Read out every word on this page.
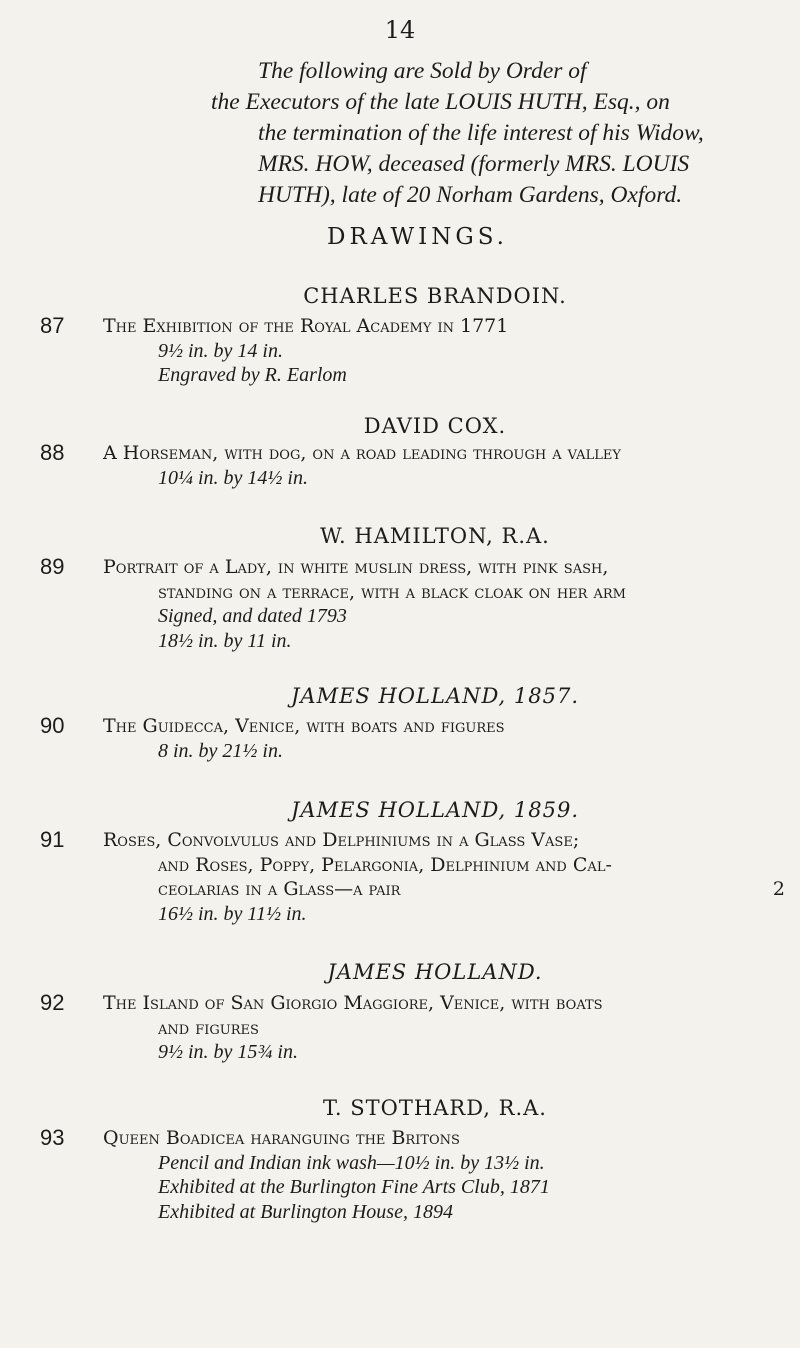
14
The following are Sold by Order of
the Executors of the late LOUIS HUTH, Esq., on
the termination of the life interest of his Widow,
MRS. HOW, deceased (formerly MRS. LOUIS
HUTH), late of 20 Norham Gardens, Oxford.
DRAWINGS.
CHARLES BRANDOIN.
87 The Exhibition of the Royal Academy in 1771
9½ in. by 14 in.
Engraved by R. Earlom
DAVID COX.
88 A Horseman, with dog, on a road leading through a valley
10¼ in. by 14½ in.
W. HAMILTON, R.A.
89 Portrait of a Lady, in white muslin dress, with pink sash,
standing on a terrace, with a black cloak on her arm
Signed, and dated 1793
18½ in. by 11 in.
JAMES HOLLAND, 1857.
90 The Guidecca, Venice, with boats and figures
8 in. by 21½ in.
JAMES HOLLAND, 1859.
91 Roses, Convolvulus and Delphiniums in a Glass Vase;
and Roses, Poppy, Pelargonia, Delphinium and Cal-
ceolarias in a Glass—a pair	2
16½ in. by 11½ in.
JAMES HOLLAND.
92 The Island of San Giorgio Maggiore, Venice, with boats
and figures
9½ in. by 15¾ in.
T. STOTHARD, R.A.
93 Queen Boadicea haranguing the Britons
Pencil and Indian ink wash—10½ in. by 13½ in.
Exhibited at the Burlington Fine Arts Club, 1871
Exhibited at Burlington House, 1894
